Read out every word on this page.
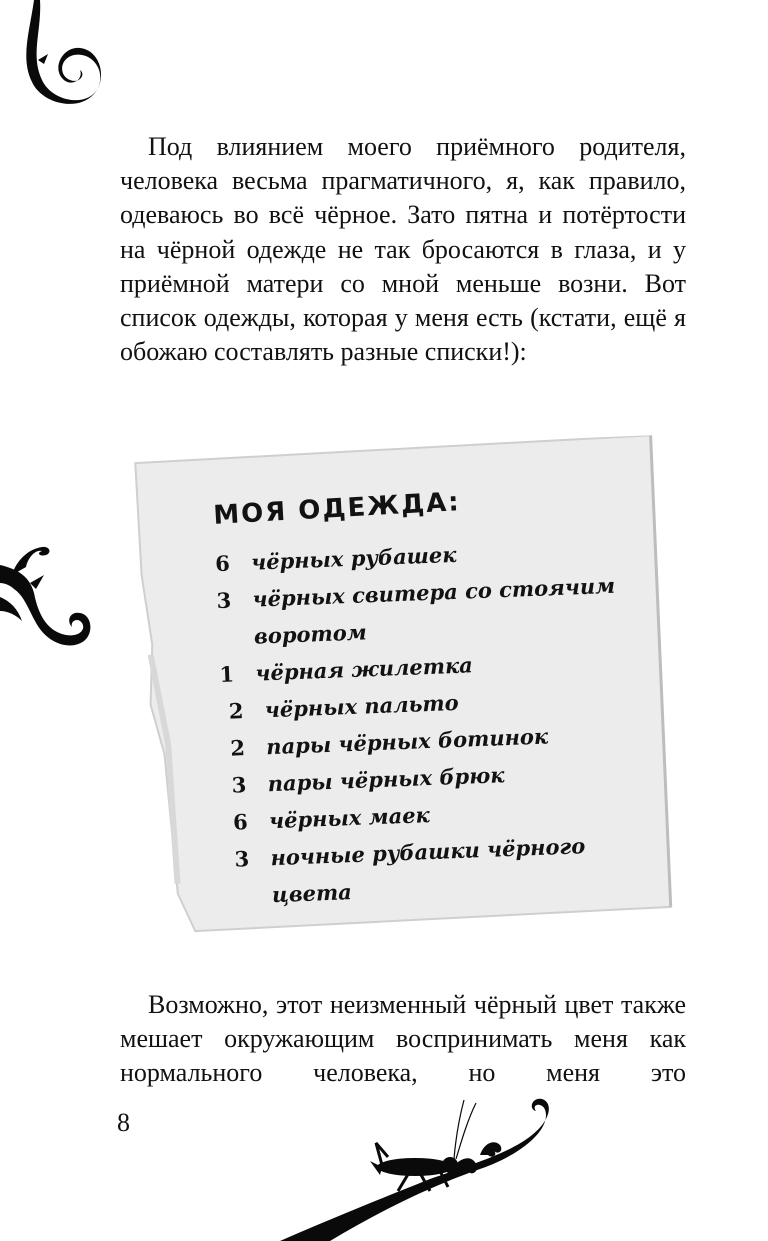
Под влиянием моего приёмного родителя, человека весьма прагматичного, я, как правило, одеваюсь во всё чёрное. Зато пятна и потёртости на чёрной одежде не так бросаются в глаза, и у приёмной матери со мной меньше возни. Вот список одежды, которая у меня есть (кстати, ещё я обожаю составлять разные списки!):

МОЯ ОДЕЖДА:
6 чёрных рубашек
3 чёрных свитера со стоячим воротом
1 чёрная жилетка
2 чёрных пальто
2 пары чёрных ботинок
3 пары чёрных брюк
6 чёрных маек
3 ночные рубашки чёрного цвета

Возможно, этот неизменный чёрный цвет также мешает окружающим воспринимать меня как нормального человека, но меня это

8
